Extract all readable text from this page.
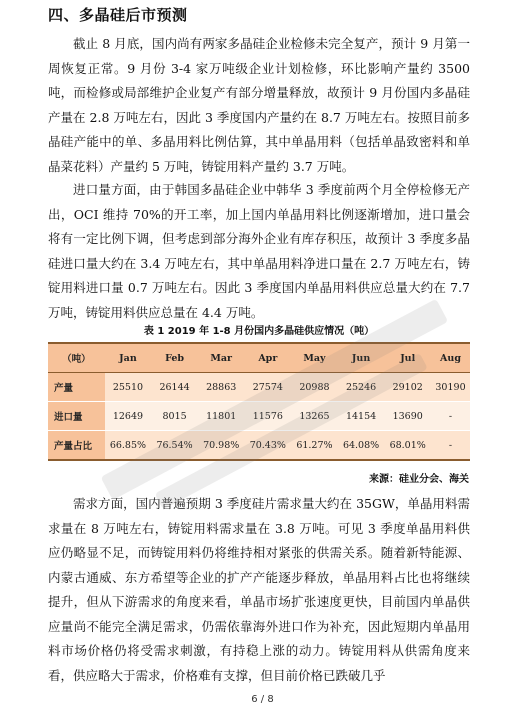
四、多晶硅后市预测

截止 8 月底，国内尚有两家多晶硅企业检修未完全复产，预计 9 月第一周恢复正常。9 月份 3-4 家万吨级企业计划检修，环比影响产量约 3500 吨，而检修或局部维护企业复产有部分增量释放，故预计 9 月份国内多晶硅产量在 2.8 万吨左右，因此 3 季度国内产量约在 8.7 万吨左右。按照目前多晶硅产能中的单、多晶用料比例估算，其中单晶用料（包括单晶致密料和单晶菜花料）产量约 5 万吨，铸锭用料产量约 3.7 万吨。

进口量方面，由于韩国多晶硅企业中韩华 3 季度前两个月全停检修无产出，OCI 维持 70%的开工率，加上国内单晶用料比例逐渐增加，进口量会将有一定比例下调，但考虑到部分海外企业有库存积压，故预计 3 季度多晶硅进口量大约在 3.4 万吨左右，其中单晶用料净进口量在 2.7 万吨左右，铸锭用料进口量 0.7 万吨左右。因此 3 季度国内单晶用料供应总量大约在 7.7 万吨，铸锭用料供应总量在 4.4 万吨。

表 1 2019 年 1-8 月份国内多晶硅供应情况（吨）
（吨）	Jan	Feb	Mar	Apr	May	Jun	Jul	Aug
产量	25510	26144	28863	27574	20988	25246	29102	30190
进口量	12649	8015	11801	11576	13265	14154	13690	-
产量占比	66.85%	76.54%	70.98%	70.43%	61.27%	64.08%	68.01%	-
来源：硅业分会、海关

需求方面，国内普遍预期 3 季度硅片需求量大约在 35GW，单晶用料需求量在 8 万吨左右，铸锭用料需求量在 3.8 万吨。可见 3 季度单晶用料供应仍略显不足，而铸锭用料仍将维持相对紧张的供需关系。随着新特能源、内蒙古通威、东方希望等企业的扩产产能逐步释放，单晶用料占比也将继续提升，但从下游需求的角度来看，单晶市场扩张速度更快，目前国内单晶供应量尚不能完全满足需求，仍需依靠海外进口作为补充，因此短期内单晶用料市场价格仍将受需求刺激，有持稳上涨的动力。铸锭用料从供需角度来看，供应略大于需求，价格难有支撑，但目前价格已跌破几乎

6 / 8
